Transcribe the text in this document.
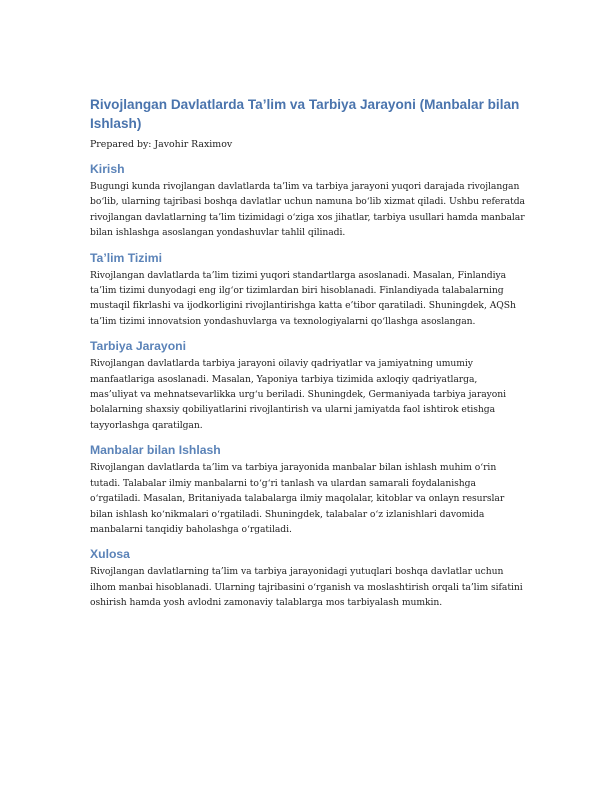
Rivojlangan Davlatlarda Ta’lim va Tarbiya Jarayoni (Manbalar bilan Ishlash)
Prepared by: Javohir Raximov
Kirish

Bugungi kunda rivojlangan davlatlarda ta’lim va tarbiya jarayoni yuqori darajada rivojlangan bo‘lib, ularning tajribasi boshqa davlatlar uchun namuna bo‘lib xizmat qiladi. Ushbu referatda rivojlangan davlatlarning ta’lim tizimidagi o‘ziga xos jihatlar, tarbiya usullari hamda manbalar bilan ishlashga asoslangan yondashuvlar tahlil qilinadi.

Ta’lim Tizimi

Rivojlangan davlatlarda ta’lim tizimi yuqori standartlarga asoslanadi. Masalan, Finlandiya ta’lim tizimi dunyodagi eng ilg‘or tizimlardan biri hisoblanadi. Finlandiyada talabalarning mustaqil fikrlashi va ijodkorligini rivojlantirishga katta e’tibor qaratiladi. Shuningdek, AQSh ta’lim tizimi innovatsion yondashuvlarga va texnologiyalarni qo‘llashga asoslangan.

Tarbiya Jarayoni

Rivojlangan davlatlarda tarbiya jarayoni oilaviy qadriyatlar va jamiyatning umumiy manfaatlariga asoslanadi. Masalan, Yaponiya tarbiya tizimida axloqiy qadriyatlarga, mas’uliyat va mehnatsevarlikka urg‘u beriladi. Shuningdek, Germaniyada tarbiya jarayoni bolalarning shaxsiy qobiliyatlarini rivojlantirish va ularni jamiyatda faol ishtirok etishga tayyorlashga qaratilgan.

Manbalar bilan Ishlash

Rivojlangan davlatlarda ta’lim va tarbiya jarayonida manbalar bilan ishlash muhim o‘rin tutadi. Talabalar ilmiy manbalarni to‘g‘ri tanlash va ulardan samarali foydalanishga o‘rgatiladi. Masalan, Britaniyada talabalarga ilmiy maqolalar, kitoblar va onlayn resurslar bilan ishlash ko‘nikmalari o‘rgatiladi. Shuningdek, talabalar o‘z izlanishlari davomida manbalarni tanqidiy baholashga o‘rgatiladi.

Xulosa

Rivojlangan davlatlarning ta’lim va tarbiya jarayonidagi yutuqlari boshqa davlatlar uchun ilhom manbai hisoblanadi. Ularning tajribasini o‘rganish va moslashtirish orqali ta’lim sifatini oshirish hamda yosh avlodni zamonaviy talablarga mos tarbiyalash mumkin.
